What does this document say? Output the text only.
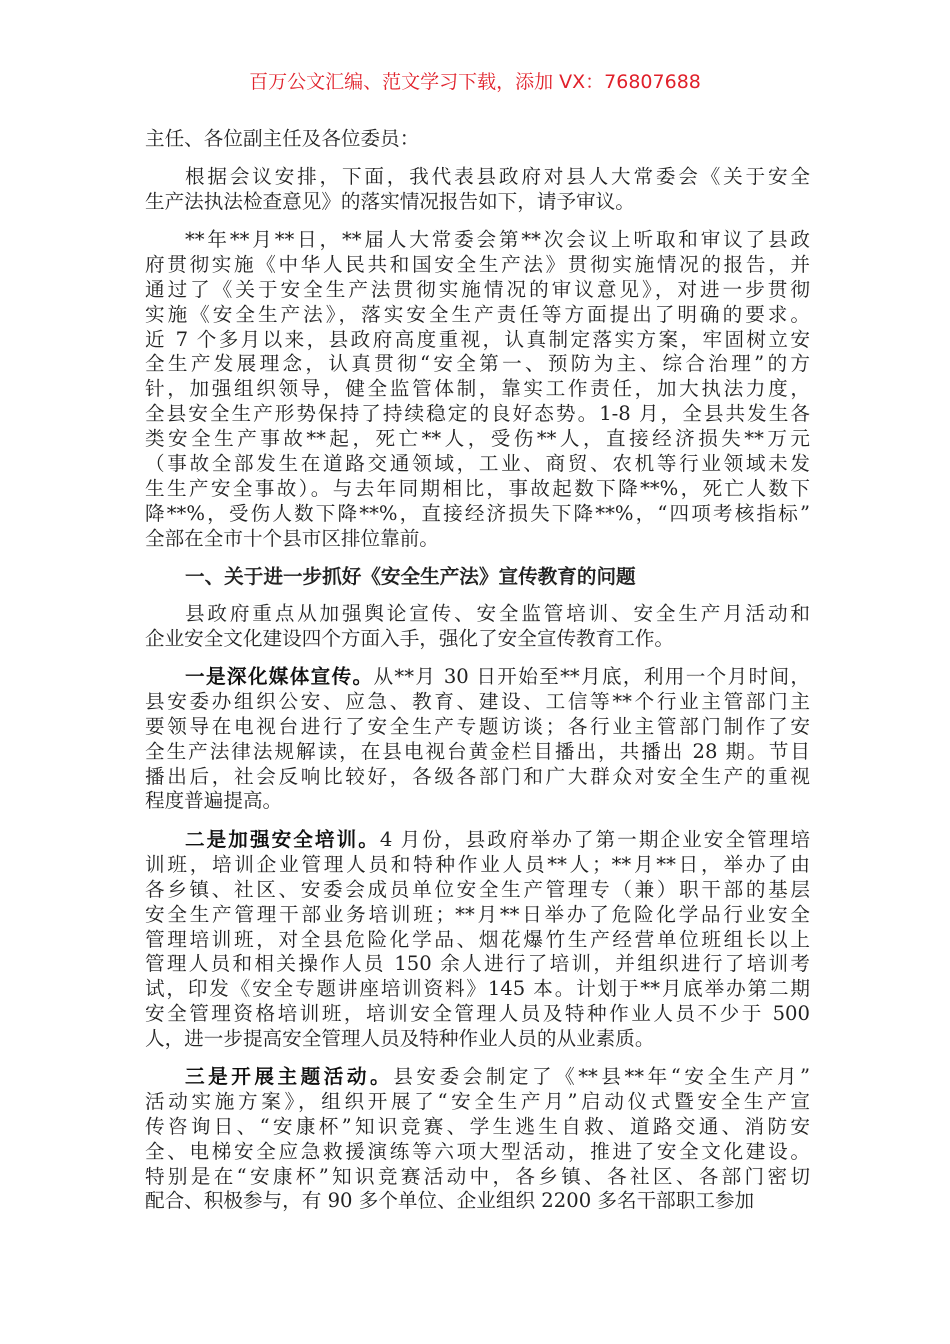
百万公文汇编、范文学习下载，添加 VX：76807688
主任、各位副主任及各位委员：
根据会议安排，下面，我代表县政府对县人大常委会《关于安全
生产法执法检查意见》的落实情况报告如下，请予审议。
**年**月**日，**届人大常委会第**次会议上听取和审议了县政
府贯彻实施《中华人民共和国安全生产法》贯彻实施情况的报告，并
通过了《关于安全生产法贯彻实施情况的审议意见》，对进一步贯彻
实施《安全生产法》，落实安全生产责任等方面提出了明确的要求。
近 7 个多月以来，县政府高度重视，认真制定落实方案，牢固树立安
全生产发展理念，认真贯彻“安全第一、预防为主、综合治理”的方
针，加强组织领导，健全监管体制，靠实工作责任，加大执法力度，
全县安全生产形势保持了持续稳定的良好态势。1-8 月，全县共发生各
类安全生产事故**起，死亡**人，受伤**人，直接经济损失**万元
（事故全部发生在道路交通领域，工业、商贸、农机等行业领域未发
生生产安全事故）。与去年同期相比，事故起数下降**%，死亡人数下
降**%，受伤人数下降**%，直接经济损失下降**%，“四项考核指标”
全部在全市十个县市区排位靠前。
一、关于进一步抓好《安全生产法》宣传教育的问题
县政府重点从加强舆论宣传、安全监管培训、安全生产月活动和
企业安全文化建设四个方面入手，强化了安全宣传教育工作。
一是深化媒体宣传。从**月 30 日开始至**月底，利用一个月时间，
县安委办组织公安、应急、教育、建设、工信等**个行业主管部门主
要领导在电视台进行了安全生产专题访谈；各行业主管部门制作了安
全生产法律法规解读，在县电视台黄金栏目播出，共播出 28 期。节目
播出后，社会反响比较好，各级各部门和广大群众对安全生产的重视
程度普遍提高。
二是加强安全培训。4 月份，县政府举办了第一期企业安全管理培
训班，培训企业管理人员和特种作业人员**人；**月**日，举办了由
各乡镇、社区、安委会成员单位安全生产管理专（兼）职干部的基层
安全生产管理干部业务培训班；**月**日举办了危险化学品行业安全
管理培训班，对全县危险化学品、烟花爆竹生产经营单位班组长以上
管理人员和相关操作人员 150 余人进行了培训，并组织进行了培训考
试，印发《安全专题讲座培训资料》145 本。计划于**月底举办第二期
安全管理资格培训班，培训安全管理人员及特种作业人员不少于 500
人，进一步提高安全管理人员及特种作业人员的从业素质。
三是开展主题活动。县安委会制定了《**县**年“安全生产月”
活动实施方案》，组织开展了“安全生产月”启动仪式暨安全生产宣
传咨询日、“安康杯”知识竞赛、学生逃生自救、道路交通、消防安
全、电梯安全应急救援演练等六项大型活动，推进了安全文化建设。
特别是在“安康杯”知识竞赛活动中，各乡镇、各社区、各部门密切
配合、积极参与，有 90 多个单位、企业组织 2200 多名干部职工参加
